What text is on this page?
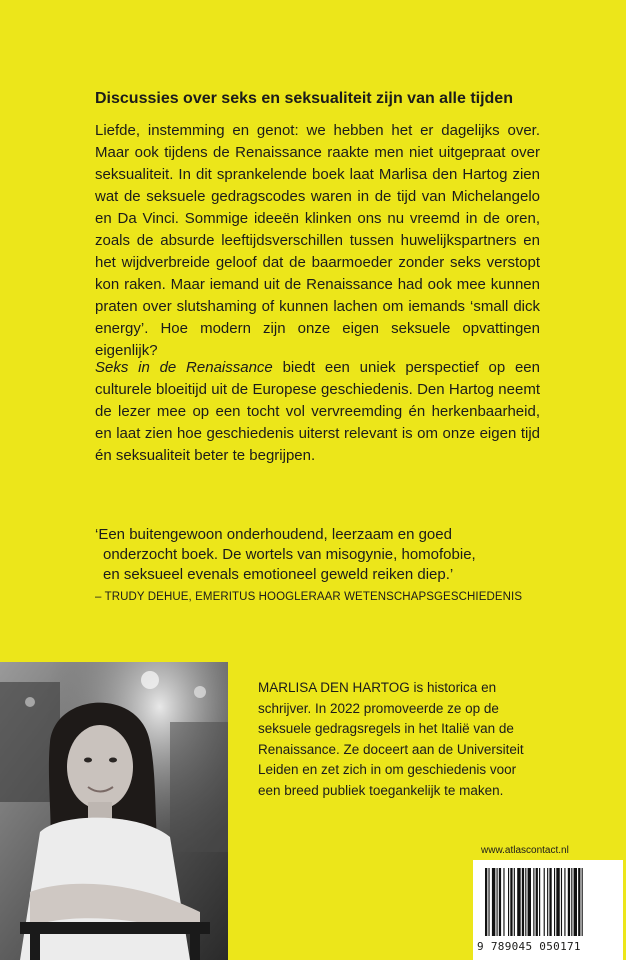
Discussies over seks en seksualiteit zijn van alle tijden

Liefde, instemming en genot: we hebben het er dagelijks over. Maar ook tijdens de Renaissance raakte men niet uitgepraat over seksualiteit. In dit sprankelende boek laat Marlisa den Hartog zien wat de seksuele gedragscodes waren in de tijd van Michelangelo en Da Vinci. Sommige ideeën klinken ons nu vreemd in de oren, zoals de absurde leeftijdsverschillen tussen huwelijkspartners en het wijdverbreide geloof dat de baarmoeder zonder seks verstopt kon raken. Maar iemand uit de Renaissance had ook mee kunnen praten over slutshaming of kunnen lachen om iemands ‘small dick energy’. Hoe modern zijn onze eigen seksuele opvattingen eigenlijk?

Seks in de Renaissance biedt een uniek perspectief op een culturele bloeitijd uit de Europese geschiedenis. Den Hartog neemt de lezer mee op een tocht vol vervreemding én herkenbaarheid, en laat zien hoe geschiedenis uiterst relevant is om onze eigen tijd én seksualiteit beter te begrijpen.

‘Een buitengewoon onderhoudend, leerzaam en goed
onderzocht boek. De wortels van misogynie, homofobie,
en seksueel evenals emotioneel geweld reiken diep.’
– TRUDY DEHUE, EMERITUS HOOGLERAAR WETENSCHAPSGESCHIEDENIS

MARLISA DEN HARTOG is historica en schrijver. In 2022 promoveerde ze op de seksuele gedragsregels in het Italië van de Renaissance. Ze doceert aan de Universiteit Leiden en zet zich in om geschiedenis voor een breed publiek toegankelijk te maken.

www.atlascontact.nl
9 789045 050171
